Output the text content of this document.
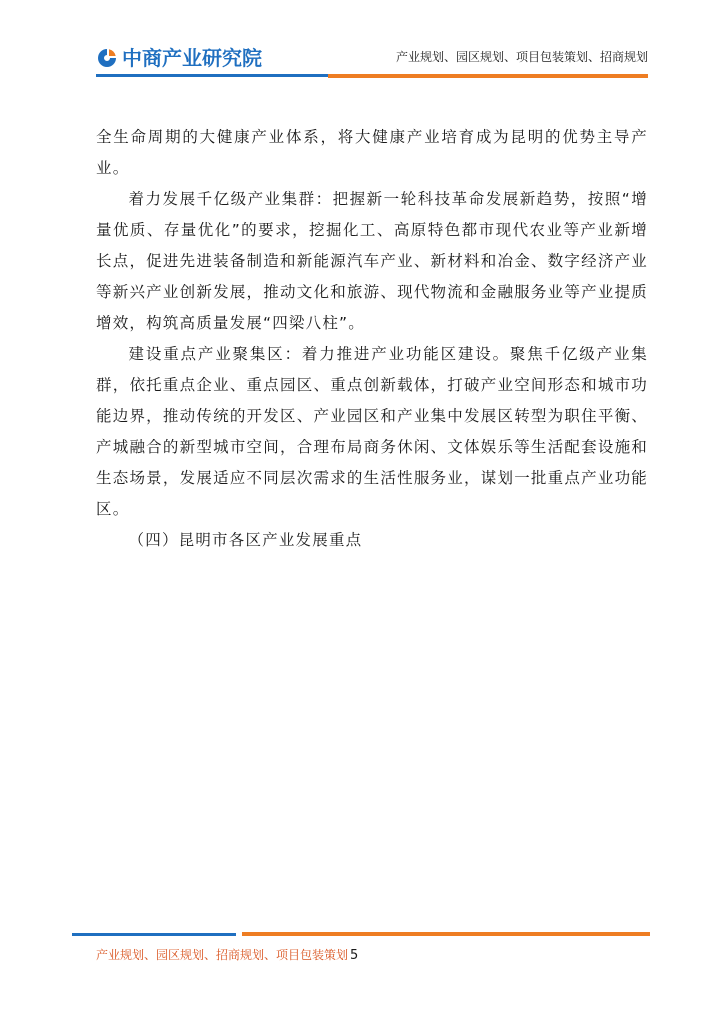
中商产业研究院	产业规划、园区规划、项目包装策划、招商规划

全生命周期的大健康产业体系，将大健康产业培育成为昆明的优势主导产业。

着力发展千亿级产业集群：把握新一轮科技革命发展新趋势，按照“增量优质、存量优化”的要求，挖掘化工、高原特色都市现代农业等产业新增长点，促进先进装备制造和新能源汽车产业、新材料和冶金、数字经济产业等新兴产业创新发展，推动文化和旅游、现代物流和金融服务业等产业提质增效，构筑高质量发展“四梁八柱”。

建设重点产业聚集区：着力推进产业功能区建设。聚焦千亿级产业集群，依托重点企业、重点园区、重点创新载体，打破产业空间形态和城市功能边界，推动传统的开发区、产业园区和产业集中发展区转型为职住平衡、产城融合的新型城市空间，合理布局商务休闲、文体娱乐等生活配套设施和生态场景，发展适应不同层次需求的生活性服务业，谋划一批重点产业功能区。

（四）昆明市各区产业发展重点

产业规划、园区规划、招商规划、项目包装策划 5
